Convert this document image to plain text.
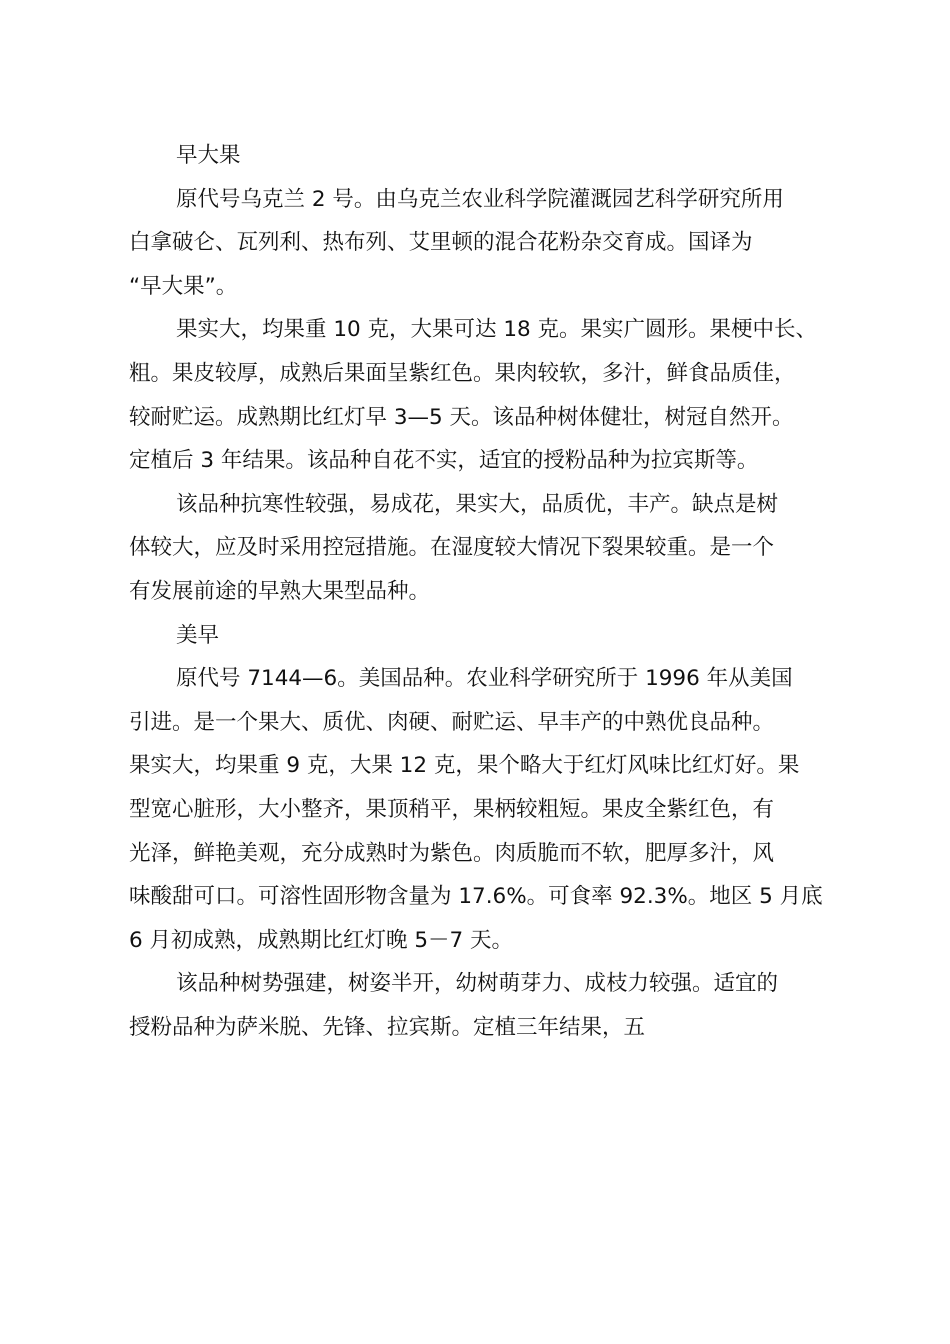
早大果
原代号乌克兰 2 号。由乌克兰农业科学院灌溉园艺科学研究所用
白拿破仑、瓦列利、热布列、艾里顿的混合花粉杂交育成。国译为
“早大果”。
果实大，均果重 10 克，大果可达 18 克。果实广圆形。果梗中长、
粗。果皮较厚，成熟后果面呈紫红色。果肉较软，多汁，鲜食品质佳，
较耐贮运。成熟期比红灯早 3—5 天。该品种树体健壮，树冠自然开。
定植后 3 年结果。该品种自花不实，适宜的授粉品种为拉宾斯等。
该品种抗寒性较强，易成花，果实大，品质优，丰产。缺点是树
体较大，应及时采用控冠措施。在湿度较大情况下裂果较重。是一个
有发展前途的早熟大果型品种。
美早
原代号 7144—6。美国品种。农业科学研究所于 1996 年从美国
引进。是一个果大、质优、肉硬、耐贮运、早丰产的中熟优良品种。
果实大，均果重 9 克，大果 12 克，果个略大于红灯风味比红灯好。果
型宽心脏形，大小整齐，果顶稍平，果柄较粗短。果皮全紫红色，有
光泽，鲜艳美观，充分成熟时为紫色。肉质脆而不软，肥厚多汁，风
味酸甜可口。可溶性固形物含量为 17.6%。可食率 92.3%。地区 5 月底
6 月初成熟，成熟期比红灯晚 5－7 天。
该品种树势强建，树姿半开，幼树萌芽力、成枝力较强。适宜的
授粉品种为萨米脱、先锋、拉宾斯。定植三年结果，五
